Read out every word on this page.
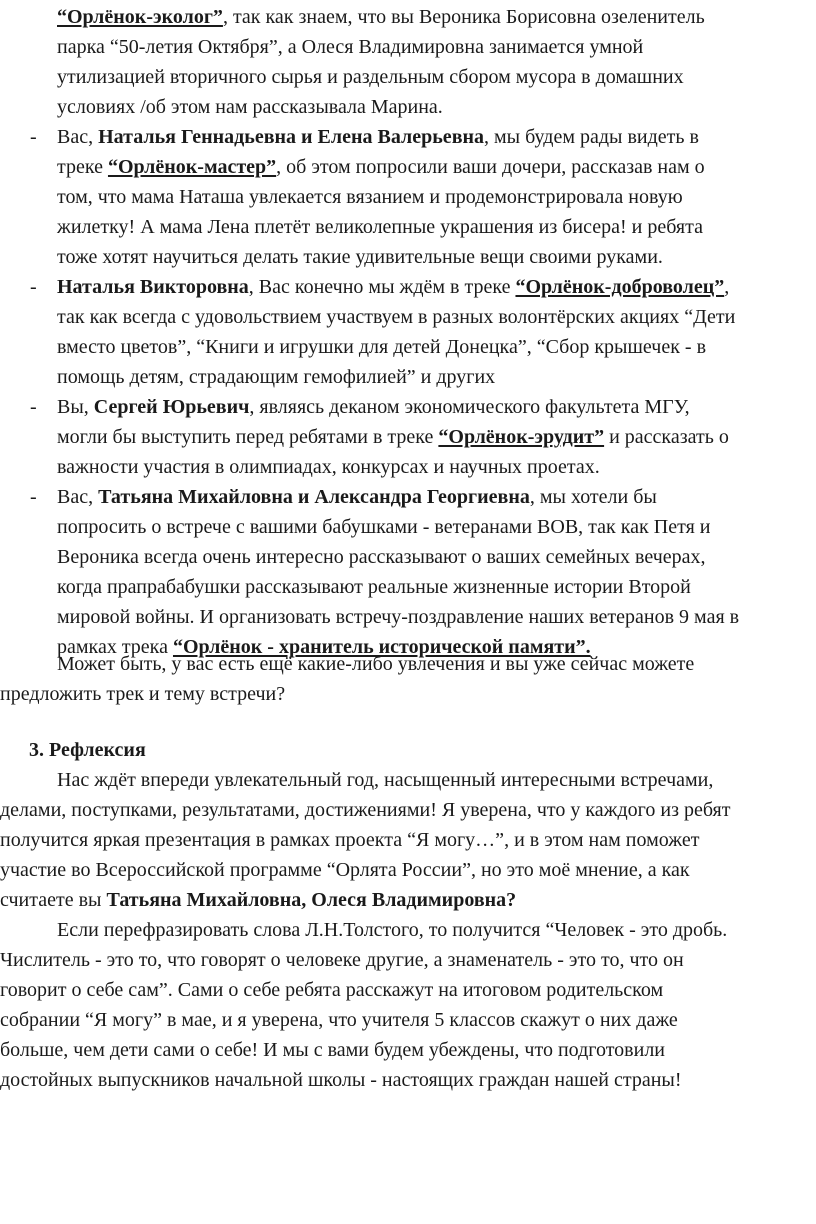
“Орлёнок-эколог”, так как знаем, что вы Вероника Борисовна озеленитель
парка “50-летия Октября”, а Олеся Владимировна занимается умной
утилизацией вторичного сырья и раздельным сбором мусора в домашних
условиях /об этом нам рассказывала Марина.
- Вас, Наталья Геннадьевна и Елена Валерьевна, мы будем рады видеть в
треке “Орлёнок-мастер”, об этом попросили ваши дочери, рассказав нам о
том, что мама Наташа увлекается вязанием и продемонстрировала новую
жилетку! А мама Лена плетёт великолепные украшения из бисера! и ребята
тоже хотят научиться делать такие удивительные вещи своими руками.
- Наталья Викторовна, Вас конечно мы ждём в треке “Орлёнок-доброволец”,
так как всегда с удовольствием участвуем в разных волонтёрских акциях “Дети
вместо цветов”, “Книги и игрушки для детей Донецка”, “Сбор крышечек - в
помощь детям, страдающим гемофилией” и других
- Вы, Сергей Юрьевич, являясь деканом экономического факультета МГУ,
могли бы выступить перед ребятами в треке “Орлёнок-эрудит” и рассказать о
важности участия в олимпиадах, конкурсах и научных проетах.
- Вас, Татьяна Михайловна и Александра Георгиевна, мы хотели бы
попросить о встрече с вашими бабушками - ветеранами ВОВ, так как Петя и
Вероника всегда очень интересно рассказывают о ваших семейных вечерах,
когда прапрабабушки рассказывают реальные жизненные истории Второй
мировой войны. И организовать встречу-поздравление наших ветеранов 9 мая в
рамках трека “Орлёнок - хранитель исторической памяти”.
Может быть, у вас есть ещё какие-либо увлечения и вы уже сейчас можете
предложить трек и тему встречи?
3. Рефлексия
Нас ждёт впереди увлекательный год, насыщенный интересными встречами,
делами, поступками, результатами, достижениями! Я уверена, что у каждого из ребят
получится яркая презентация в рамках проекта “Я могу…”, и в этом нам поможет
участие во Всероссийской программе “Орлята России”, но это моё мнение, а как
считаете вы Татьяна Михайловна, Олеся Владимировна?
Если перефразировать слова Л.Н.Толстого, то получится “Человек - это дробь.
Числитель - это то, что говорят о человеке другие, а знаменатель - это то, что он
говорит о себе сам”. Сами о себе ребята расскажут на итоговом родительском
собрании “Я могу” в мае, и я уверена, что учителя 5 классов скажут о них даже
больше, чем дети сами о себе! И мы с вами будем убеждены, что подготовили
достойных выпускников начальной школы - настоящих граждан нашей страны!
